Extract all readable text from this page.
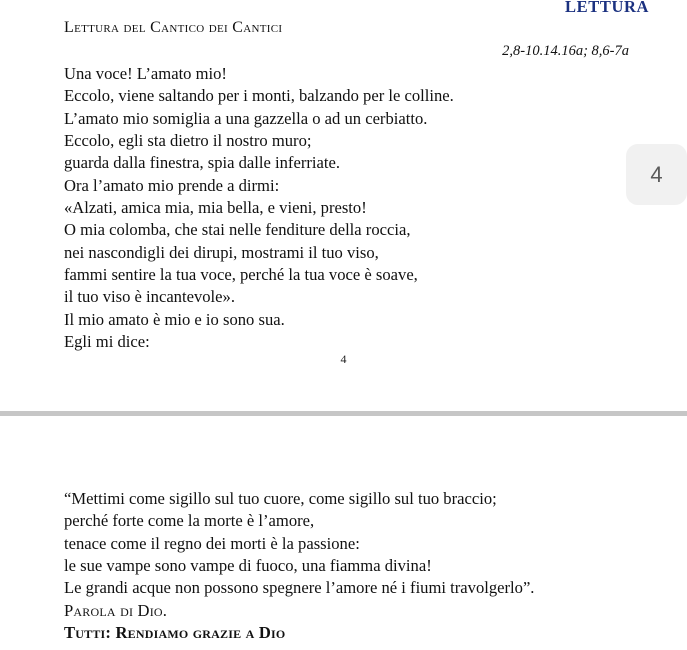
LETTURA
Lettura del Cantico dei Cantici
2,8-10.14.16a; 8,6-7a
Una voce! L’amato mio!
Eccolo, viene saltando per i monti, balzando per le colline.
L’amato mio somiglia a una gazzella o ad un cerbiatto.
Eccolo, egli sta dietro il nostro muro;
guarda dalla finestra, spia dalle inferriate.
Ora l’amato mio prende a dirmi:
«Alzati, amica mia, mia bella, e vieni, presto!
O mia colomba, che stai nelle fenditure della roccia,
nei nascondigli dei dirupi, mostrami il tuo viso,
fammi sentire la tua voce, perché la tua voce è soave,
il tuo viso è incantevole».
Il mio amato è mio e io sono sua.
Egli mi dice:
4
“Mettimi come sigillo sul tuo cuore, come sigillo sul tuo braccio;
perché forte come la morte è l’amore,
tenace come il regno dei morti è la passione:
le sue vampe sono vampe di fuoco, una fiamma divina!
Le grandi acque non possono spegnere l’amore né i fiumi travolgerlo”.
Parola di Dio.
Tutti: Rendiamo grazie a Dio
4
